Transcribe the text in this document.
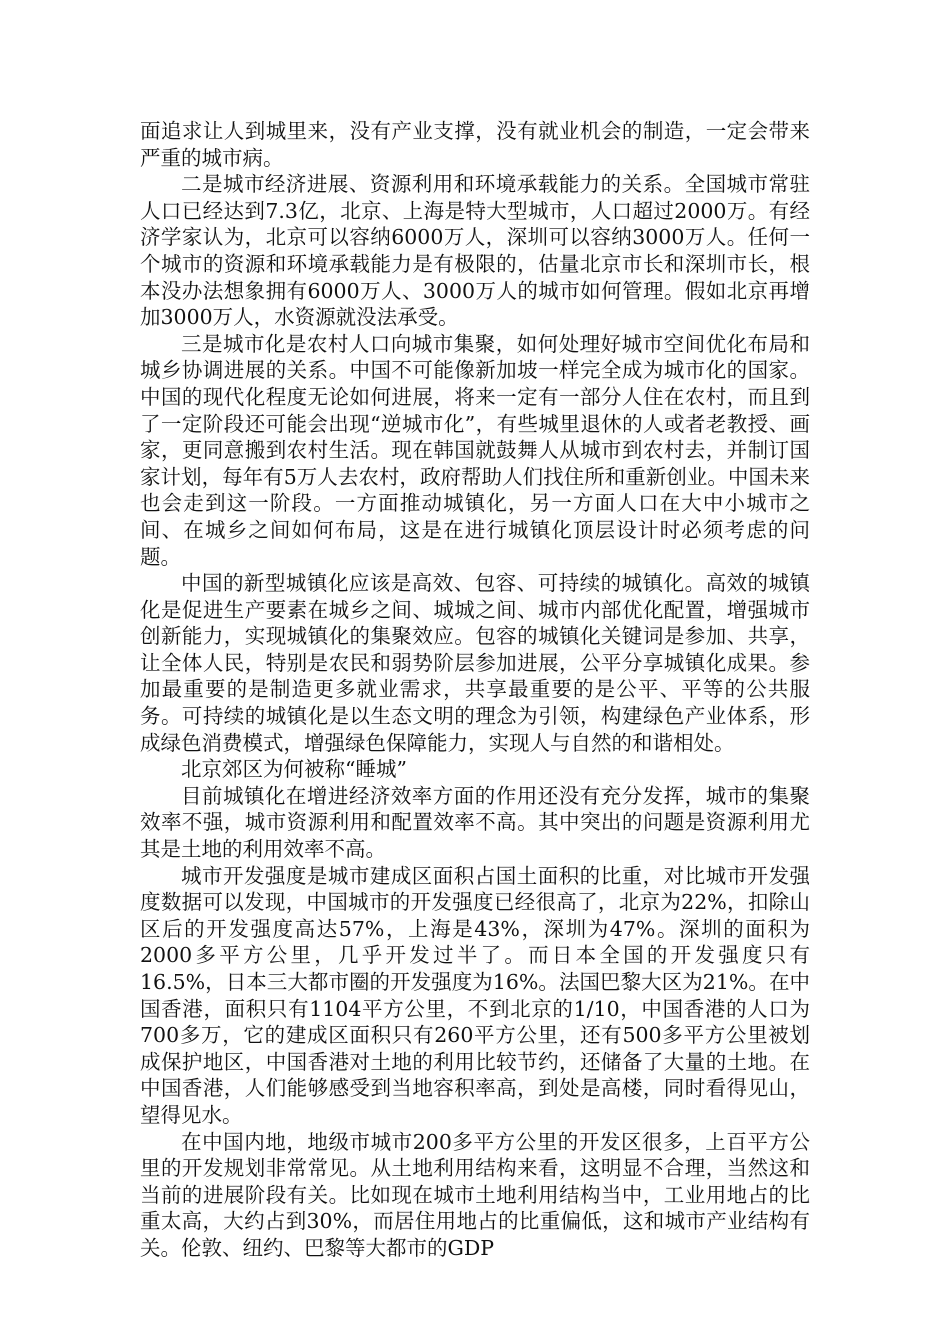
面追求让人到城里来，没有产业支撑，没有就业机会的制造，一定会带来严重的城市病。

二是城市经济进展、资源利用和环境承载能力的关系。全国城市常驻人口已经达到7.3亿，北京、上海是特大型城市，人口超过2000万。有经济学家认为，北京可以容纳6000万人，深圳可以容纳3000万人。任何一个城市的资源和环境承载能力是有极限的，估量北京市长和深圳市长，根本没办法想象拥有6000万人、3000万人的城市如何管理。假如北京再增加3000万人，水资源就没法承受。

三是城市化是农村人口向城市集聚，如何处理好城市空间优化布局和城乡协调进展的关系。中国不可能像新加坡一样完全成为城市化的国家。中国的现代化程度无论如何进展，将来一定有一部分人住在农村，而且到了一定阶段还可能会出现“逆城市化”，有些城里退休的人或者老教授、画家，更同意搬到农村生活。现在韩国就鼓舞人从城市到农村去，并制订国家计划，每年有5万人去农村，政府帮助人们找住所和重新创业。中国未来也会走到这一阶段。一方面推动城镇化，另一方面人口在大中小城市之间、在城乡之间如何布局，这是在进行城镇化顶层设计时必须考虑的问题。

中国的新型城镇化应该是高效、包容、可持续的城镇化。高效的城镇化是促进生产要素在城乡之间、城城之间、城市内部优化配置，增强城市创新能力，实现城镇化的集聚效应。包容的城镇化关键词是参加、共享，让全体人民，特别是农民和弱势阶层参加进展，公平分享城镇化成果。参加最重要的是制造更多就业需求，共享最重要的是公平、平等的公共服务。可持续的城镇化是以生态文明的理念为引领，构建绿色产业体系，形成绿色消费模式，增强绿色保障能力，实现人与自然的和谐相处。

北京郊区为何被称“睡城”

目前城镇化在增进经济效率方面的作用还没有充分发挥，城市的集聚效率不强，城市资源利用和配置效率不高。其中突出的问题是资源利用尤其是土地的利用效率不高。

城市开发强度是城市建成区面积占国土面积的比重，对比城市开发强度数据可以发现，中国城市的开发强度已经很高了，北京为22%，扣除山区后的开发强度高达57%，上海是43%，深圳为47%。深圳的面积为2000多平方公里，几乎开发过半了。而日本全国的开发强度只有16.5%，日本三大都市圈的开发强度为16%。法国巴黎大区为21%。在中国香港，面积只有1104平方公里，不到北京的1/10，中国香港的人口为700多万，它的建成区面积只有260平方公里，还有500多平方公里被划成保护地区，中国香港对土地的利用比较节约，还储备了大量的土地。在中国香港，人们能够感受到当地容积率高，到处是高楼，同时看得见山，望得见水。

在中国内地，地级市城市200多平方公里的开发区很多，上百平方公里的开发规划非常常见。从土地利用结构来看，这明显不合理，当然这和当前的进展阶段有关。比如现在城市土地利用结构当中，工业用地占的比重太高，大约占到30%，而居住用地占的比重偏低，这和城市产业结构有关。伦敦、纽约、巴黎等大都市的GDP
